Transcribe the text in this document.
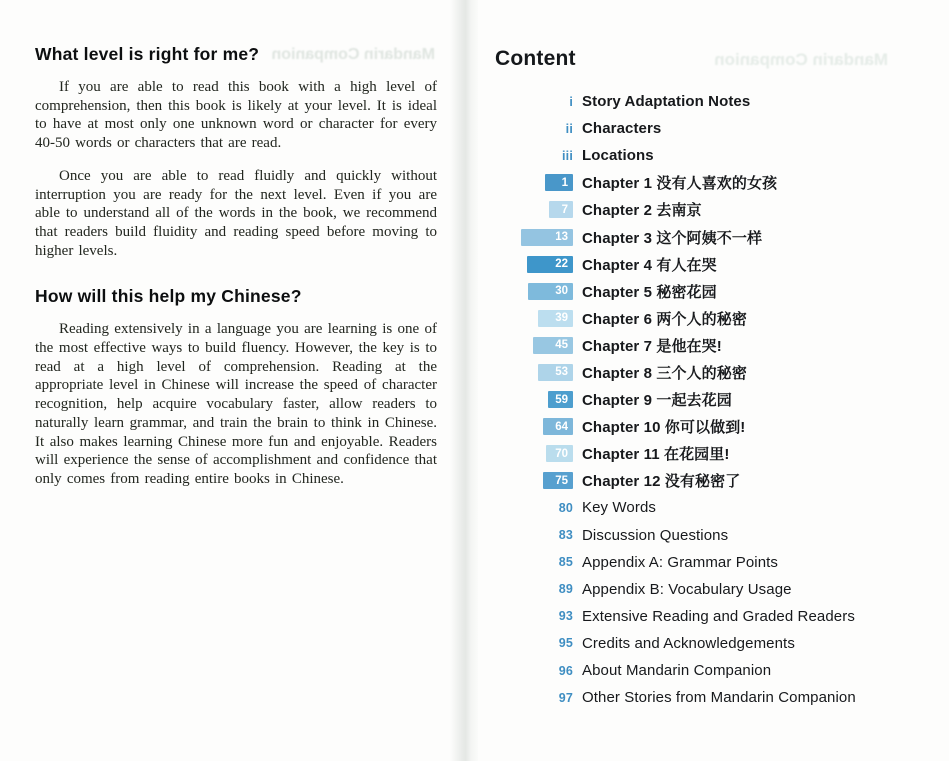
Mandarin Companion
What level is right for me?

If you are able to read this book with a high level of comprehension, then this book is likely at your level. It is ideal to have at most only one unknown word or character for every 40-50 words or characters that are read.

Once you are able to read fluidly and quickly without interruption you are ready for the next level. Even if you are able to understand all of the words in the book, we recommend that readers build fluidity and reading speed before moving to higher levels.

How will this help my Chinese?

Reading extensively in a language you are learning is one of the most effective ways to build fluency. However, the key is to read at a high level of comprehension. Reading at the appropriate level in Chinese will increase the speed of character recognition, help acquire vocabulary faster, allow readers to naturally learn grammar, and train the brain to think in Chinese. It also makes learning Chinese more fun and enjoyable. Readers will experience the sense of accomplishment and confidence that only comes from reading entire books in Chinese.

Mandarin Companion
Content
i Story Adaptation Notes
ii Characters
iii Locations
1 Chapter 1 没有人喜欢的女孩
7 Chapter 2 去南京
13 Chapter 3 这个阿姨不一样
22 Chapter 4 有人在哭
30 Chapter 5 秘密花园
39 Chapter 6 两个人的秘密
45 Chapter 7 是他在哭!
53 Chapter 8 三个人的秘密
59 Chapter 9 一起去花园
64 Chapter 10 你可以做到!
70 Chapter 11 在花园里!
75 Chapter 12 没有秘密了
80 Key Words
83 Discussion Questions
85 Appendix A: Grammar Points
89 Appendix B: Vocabulary Usage
93 Extensive Reading and Graded Readers
95 Credits and Acknowledgements
96 About Mandarin Companion
97 Other Stories from Mandarin Companion
